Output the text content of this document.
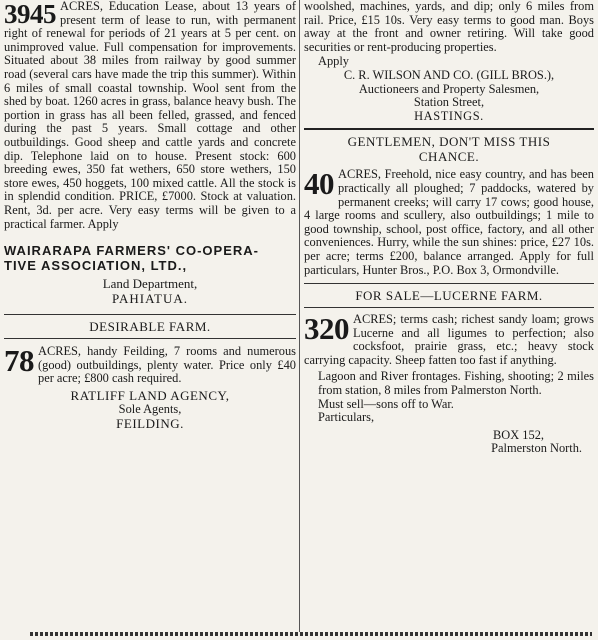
3945 ACRES, Education Lease, about 13 years of present term of lease to run, with permanent right of renewal for periods of 21 years at 5 per cent. on unimproved value. Full compensation for improvements. Situated about 38 miles from railway by good summer road (several cars have made the trip this summer). Within 6 miles of small coastal township. Wool sent from the shed by boat. 1260 acres in grass, balance heavy bush. The portion in grass has all been felled, grassed, and fenced during the past 5 years. Small cottage and other outbuildings. Good sheep and cattle yards and concrete dip. Telephone laid on to house. Present stock: 600 breeding ewes, 350 fat wethers, 650 store wethers, 150 store ewes, 450 hoggets, 100 mixed cattle. All the stock is in splendid condition. PRICE, £7000. Stock at valuation. Rent, 3d. per acre. Very easy terms will be given to a practical farmer. Apply

WAIRARAPA FARMERS' CO-OPERA-

TIVE ASSOCIATION, LTD.,

Land Department,

PAHIATUA.

DESIRABLE FARM.

78 ACRES, handy Feilding, 7 rooms and numerous (good) outbuildings, plenty water. Price only £40 per acre; £800 cash required.

RATLIFF LAND AGENCY,

Sole Agents,

FEILDING.

woolshed, machines, yards, and dip; only 6 miles from rail. Price, £15 10s. Very easy terms to good man. Boys away at the front and owner retiring. Will take good securities or rent-producing properties.

Apply

C. R. WILSON AND CO. (GILL BROS.),

Auctioneers and Property Salesmen,

Station Street,

HASTINGS.

GENTLEMEN, DON'T MISS THIS

CHANCE.

40 ACRES, Freehold, nice easy country, and has been practically all ploughed; 7 paddocks, watered by permanent creeks; will carry 17 cows; good house, 4 large rooms and scullery, also outbuildings; 1 mile to good township, school, post office, factory, and all other conveniences. Hurry, while the sun shines: price, £27 10s. per acre; terms £200, balance arranged. Apply for full particulars, Hunter Bros., P.O. Box 3, Ormondville.

FOR SALE—LUCERNE FARM.

320 ACRES; terms cash; richest sandy loam; grows Lucerne and all ligumes to perfection; also cocksfoot, prairie grass, etc.; heavy stock carrying capacity. Sheep fatten too fast if anything.

Lagoon and River frontages. Fishing, shooting; 2 miles from station, 8 miles from Palmerston North.

Must sell—sons off to War.

Particulars,

BOX 152,

Palmerston North.
